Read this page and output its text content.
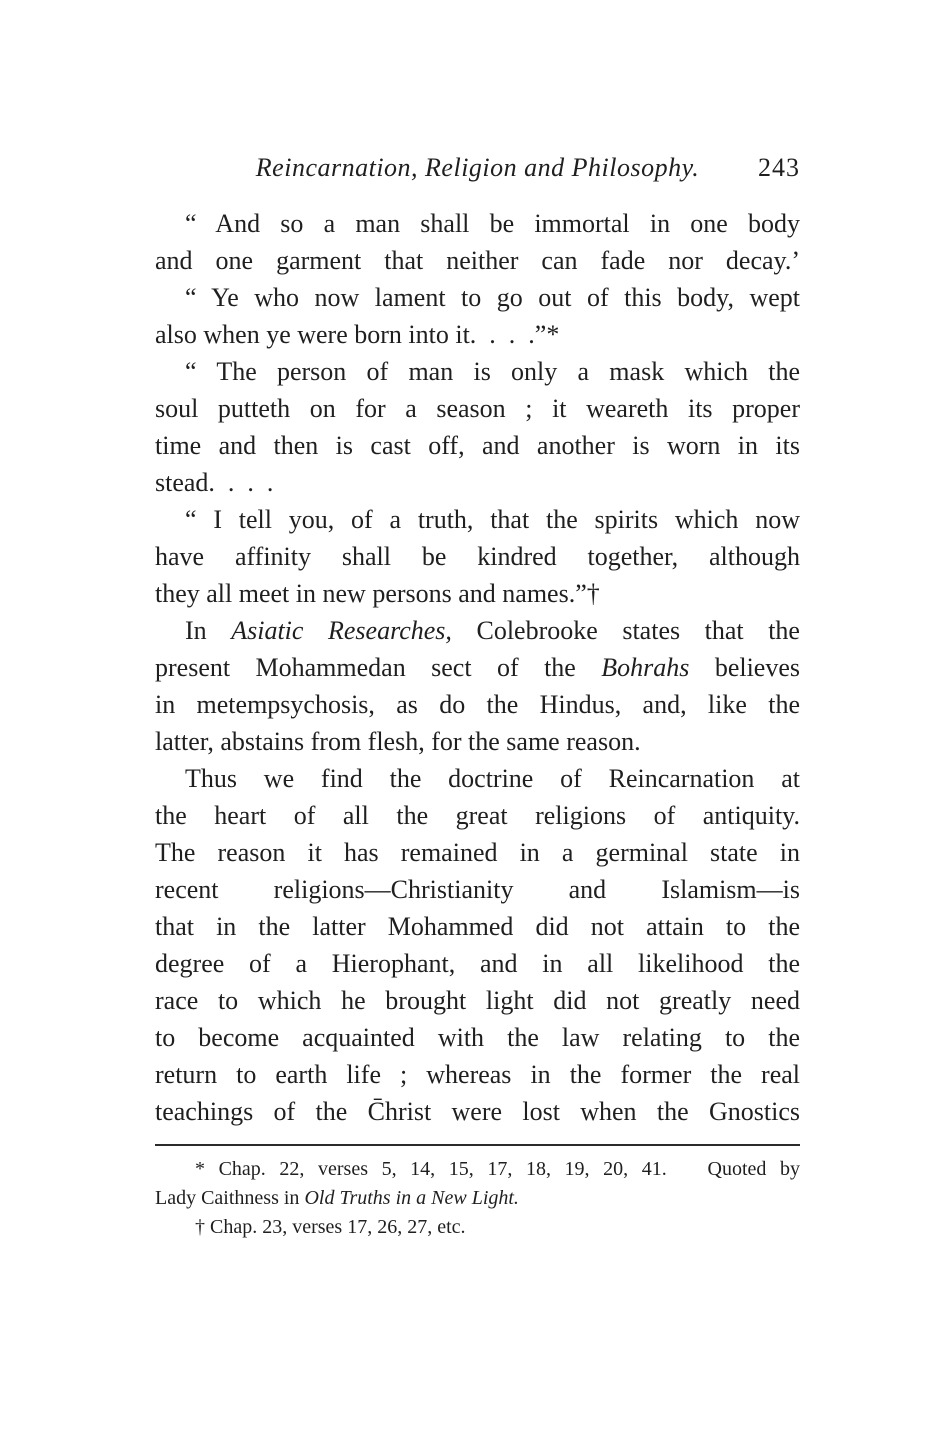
Reincarnation, Religion and Philosophy. 243
“ And so a man shall be immortal in one body
and one garment that neither can fade nor decay.’
“ Ye who now lament to go out of this body, wept
also when ye were born into it.  .  .  .”*
“ The person of man is only a mask which the
soul putteth on for a season ; it weareth its proper
time and then is cast off, and another is worn in its
stead.  .  .  .
“ I tell you, of a truth, that the spirits which now
have affinity shall be kindred together, although
they all meet in new persons and names.”†
In Asiatic Researches, Colebrooke states that the
present Mohammedan sect of the Bohrahs believes
in metempsychosis, as do the Hindus, and, like the
latter, abstains from flesh, for the same reason.
Thus we find the doctrine of Reincarnation at
the heart of all the great religions of antiquity.
The reason it has remained in a germinal state in
recent religions—Christianity and Islamism—is
that in the latter Mohammed did not attain to the
degree of a Hierophant, and in all likelihood the
race to which he brought light did not greatly need
to become acquainted with the law relating to the
return to earth life ; whereas in the former the real
teachings of the C̄hrist were lost when the Gnostics
* Chap. 22, verses 5, 14, 15, 17, 18, 19, 20, 41.   Quoted by
Lady Caithness in Old Truths in a New Light.
† Chap. 23, verses 17, 26, 27, etc.
